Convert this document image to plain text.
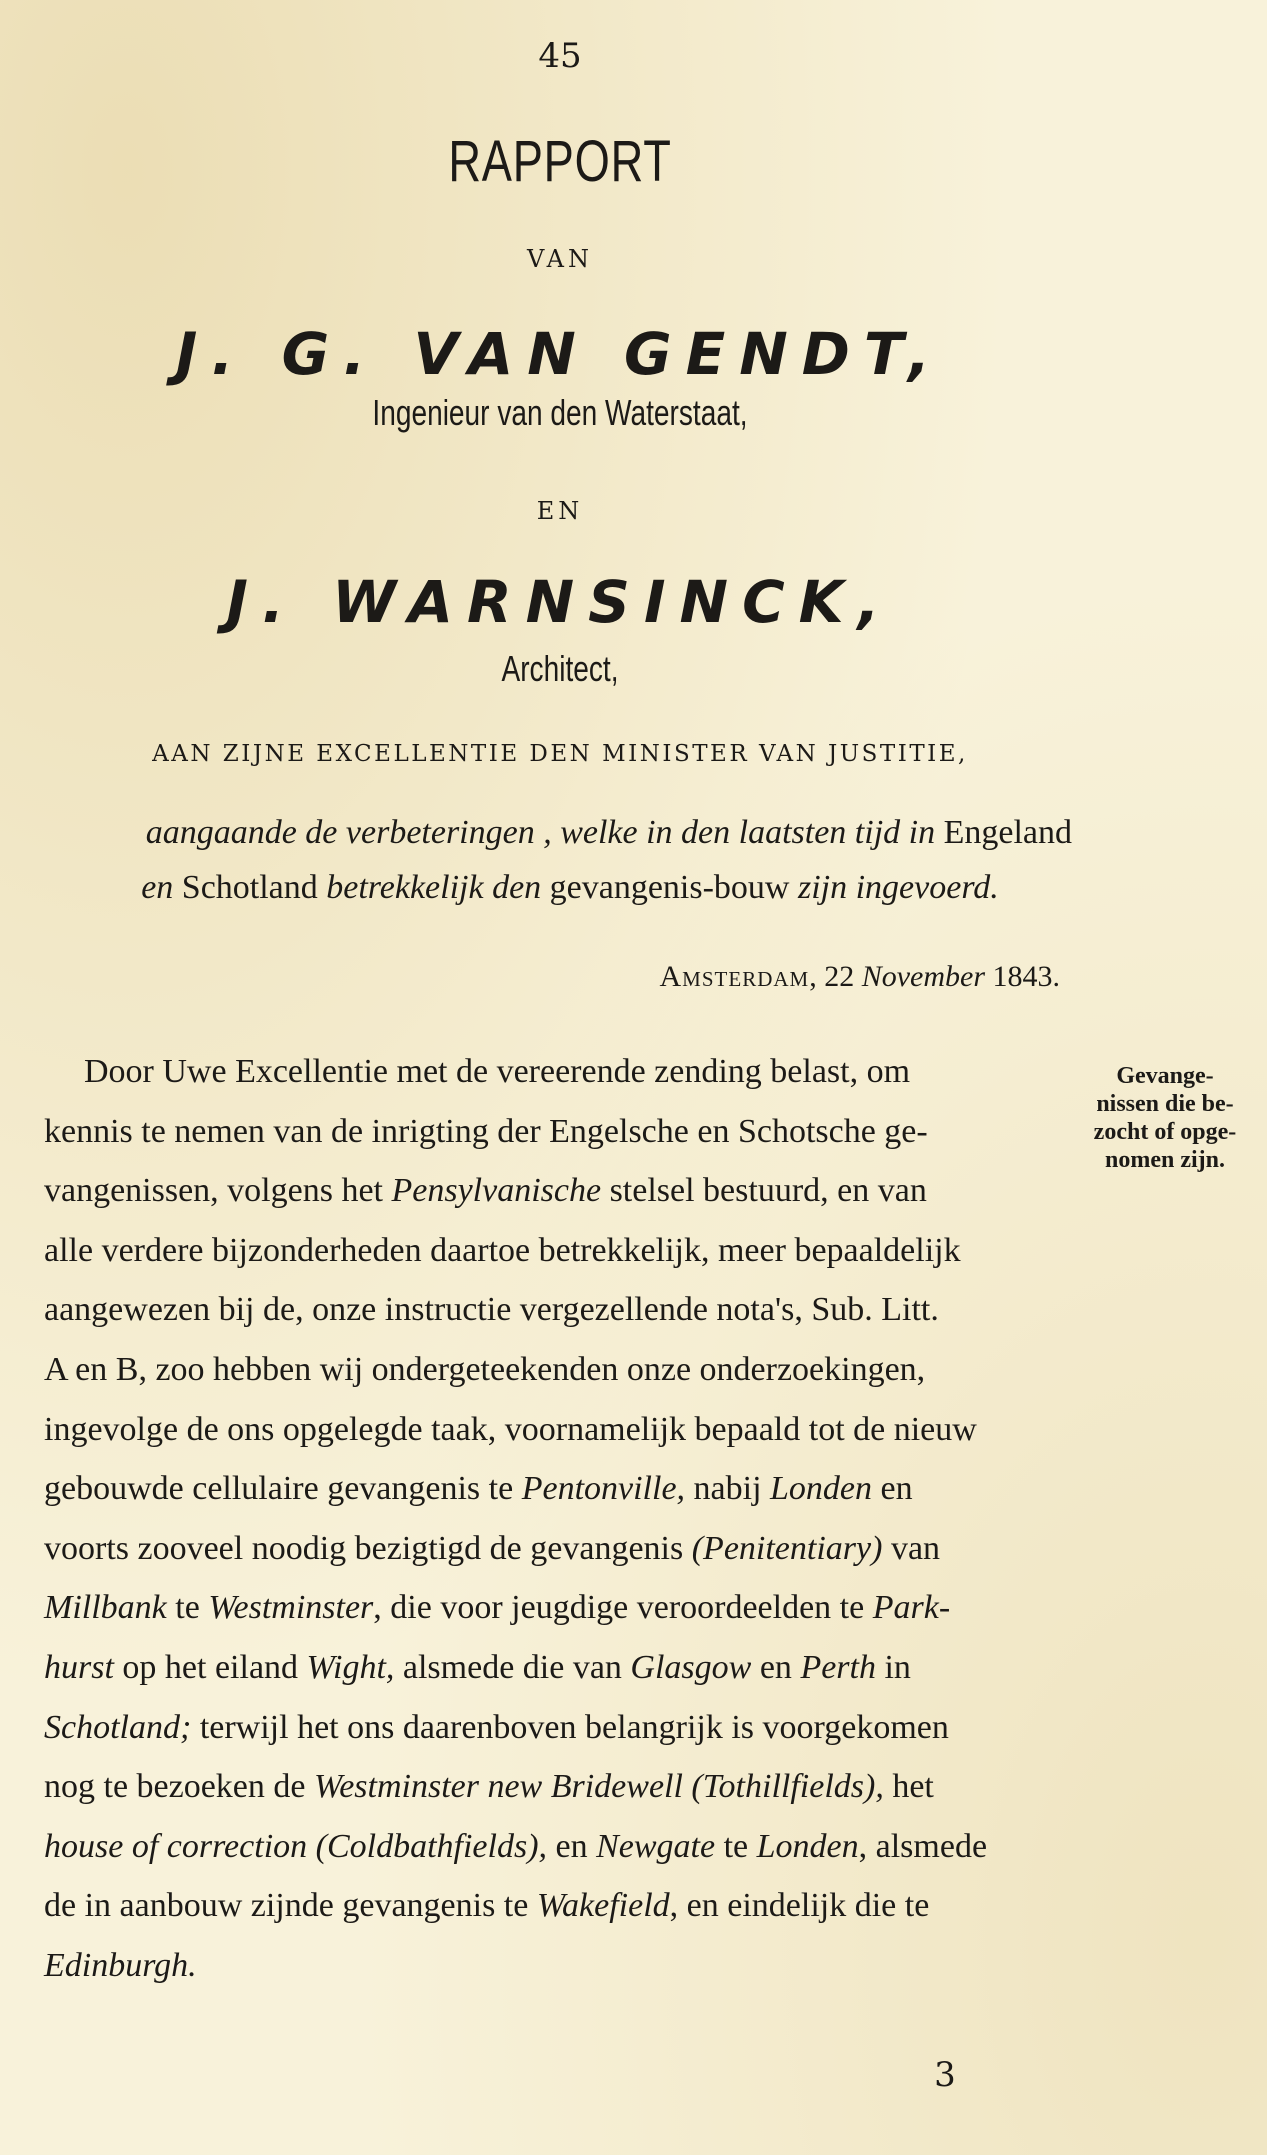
45
RAPPORT
VAN
J. G. VAN GENDT,
Ingenieur van den Waterstaat,
EN
J. WARNSINCK,
Architect,
AAN ZIJNE EXCELLENTIE DEN MINISTER VAN JUSTITIE,
aangaande de verbeteringen , welke in den laatsten tijd in Engeland
en Schotland betrekkelijk den gevangenis-bouw zijn ingevoerd.
Amsterdam, 22 November 1843.
Door Uwe Excellentie met de vereerende zending belast, om
kennis te nemen van de inrigting der Engelsche en Schotsche ge-
vangenissen, volgens het Pensylvanische stelsel bestuurd, en van
alle verdere bijzonderheden daartoe betrekkelijk, meer bepaaldelijk
aangewezen bij de, onze instructie vergezellende nota's, Sub. Litt.
A en B, zoo hebben wij ondergeteekenden onze onderzoekingen,
ingevolge de ons opgelegde taak, voornamelijk bepaald tot de nieuw
gebouwde cellulaire gevangenis te Pentonville, nabij Londen en
voorts zooveel noodig bezigtigd de gevangenis (Penitentiary) van
Millbank te Westminster, die voor jeugdige veroordeelden te Park-
hurst op het eiland Wight, alsmede die van Glasgow en Perth in
Schotland; terwijl het ons daarenboven belangrijk is voorgekomen
nog te bezoeken de Westminster new Bridewell (Tothillfields), het
house of correction (Coldbathfields), en Newgate te Londen, alsmede
de in aanbouw zijnde gevangenis te Wakefield, en eindelijk die te
Edinburgh.
Gevange-
nissen die be-
zocht of opge-
nomen zijn.
3
